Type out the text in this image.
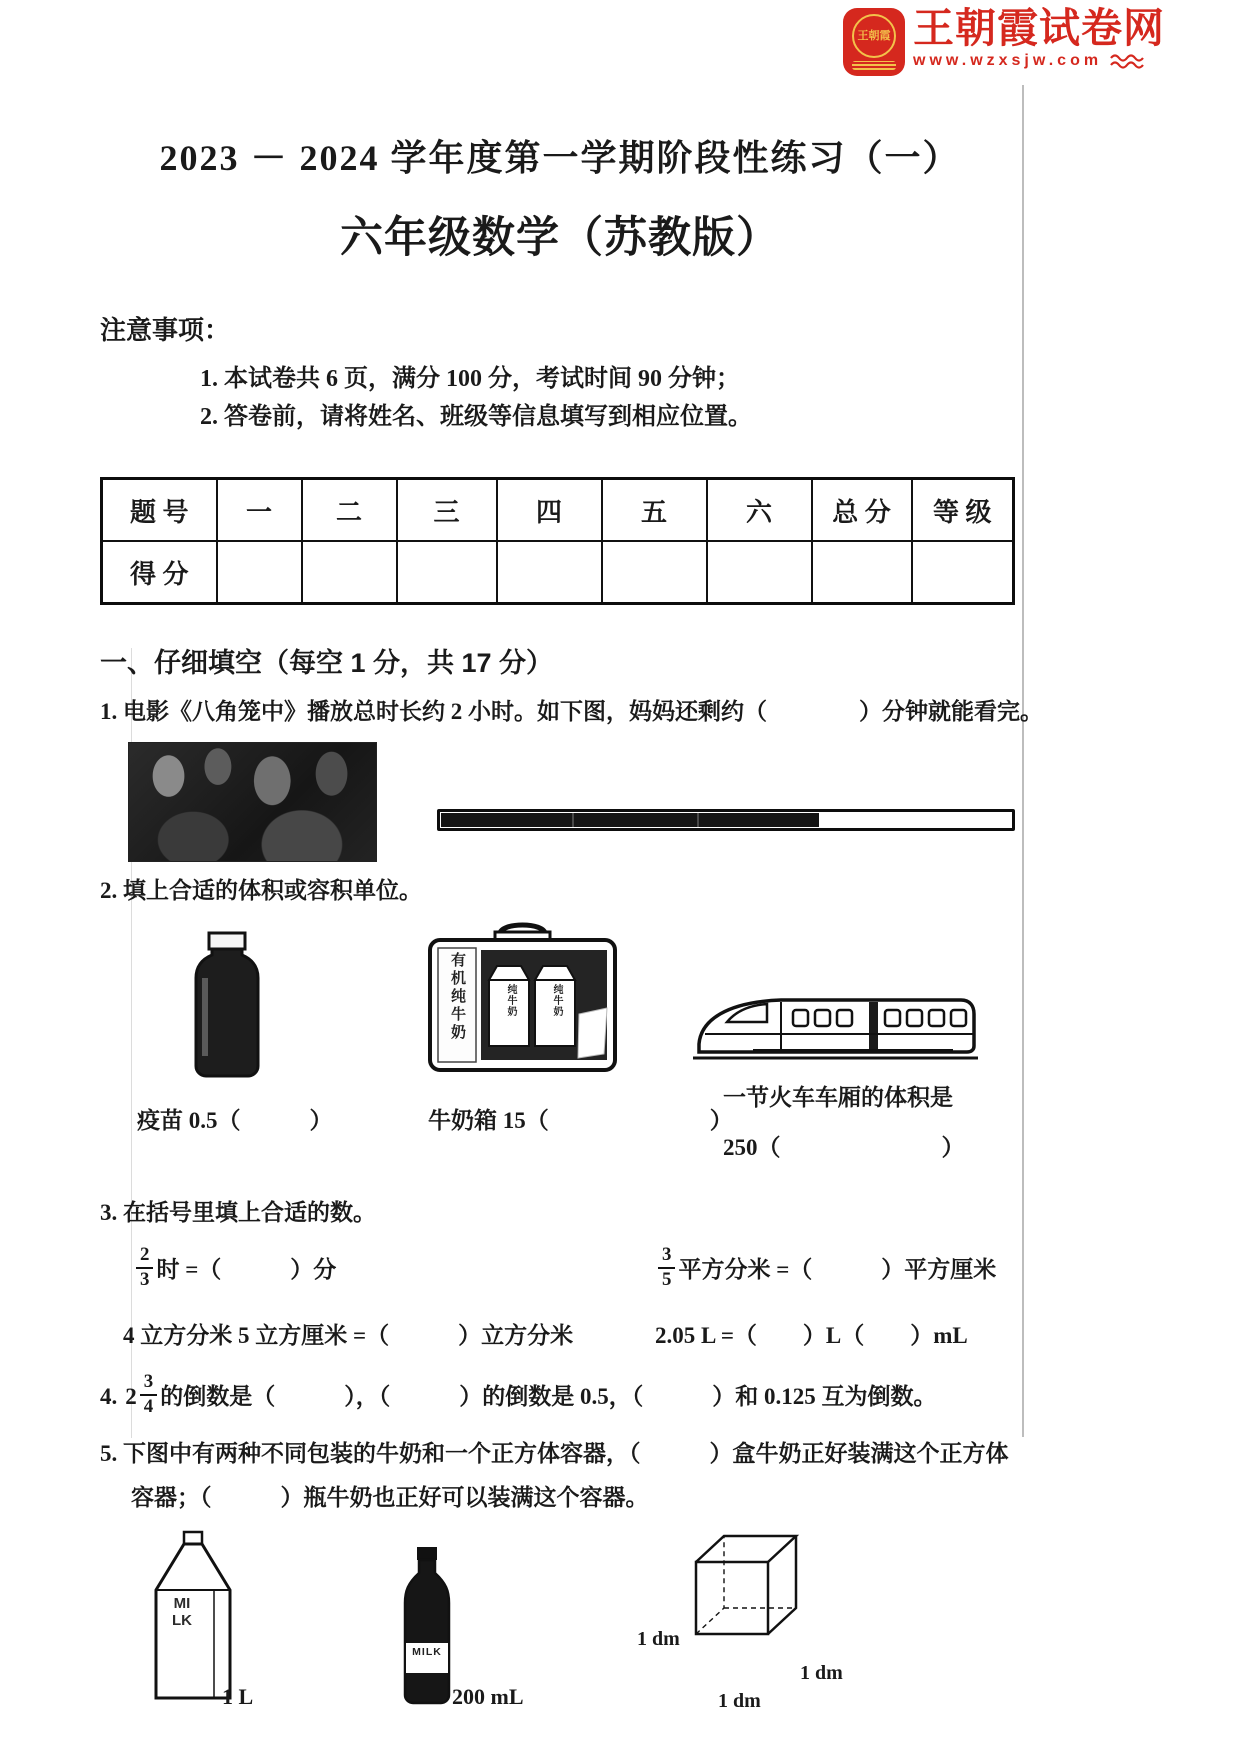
王朝霞 王朝霞试卷网
www.wzxsjw.com
2023 － 2024 学年度第一学期阶段性练习（一）
六年级数学（苏教版）
注意事项：
1. 本试卷共 6 页，满分 100 分，考试时间 90 分钟；
2. 答卷前，请将姓名、班级等信息填写到相应位置。
题 号	一	二	三	四	五	六	总 分	等 级
得 分								
一、仔细填空（每空 1 分，共 17 分）
1. 电影《八角笼中》播放总时长约 2 小时。如下图，妈妈还剩约（　　　　）分钟就能看完。
2. 填上合适的体积或容积单位。
有机纯牛奶	纯牛奶	纯牛奶
疫苗 0.5（　　　）	牛奶箱 15（　　　　　　　）
一节火车车厢的体积是
250（　　　　　　　）
3. 在括号里填上合适的数。
$\frac{2}{3}$ 时 =（　　　）分	$\frac{3}{5}$ 平方分米 =（　　　）平方厘米
4 立方分米 5 立方厘米 =（　　　）立方分米	2.05 L =（　　）L（　　）mL
4. $2 \frac{3}{4}$ 的倒数是（　　　），（　　　）的倒数是 0.5，（　　　）和 0.125 互为倒数。
5. 下图中有两种不同包装的牛奶和一个正方体容器，（　　　）盒牛奶正好装满这个正方体
容器；（　　　）瓶牛奶也正好可以装满这个容器。
MILK
1 L
MILK
200 mL
1 dm
1 dm
1 dm
